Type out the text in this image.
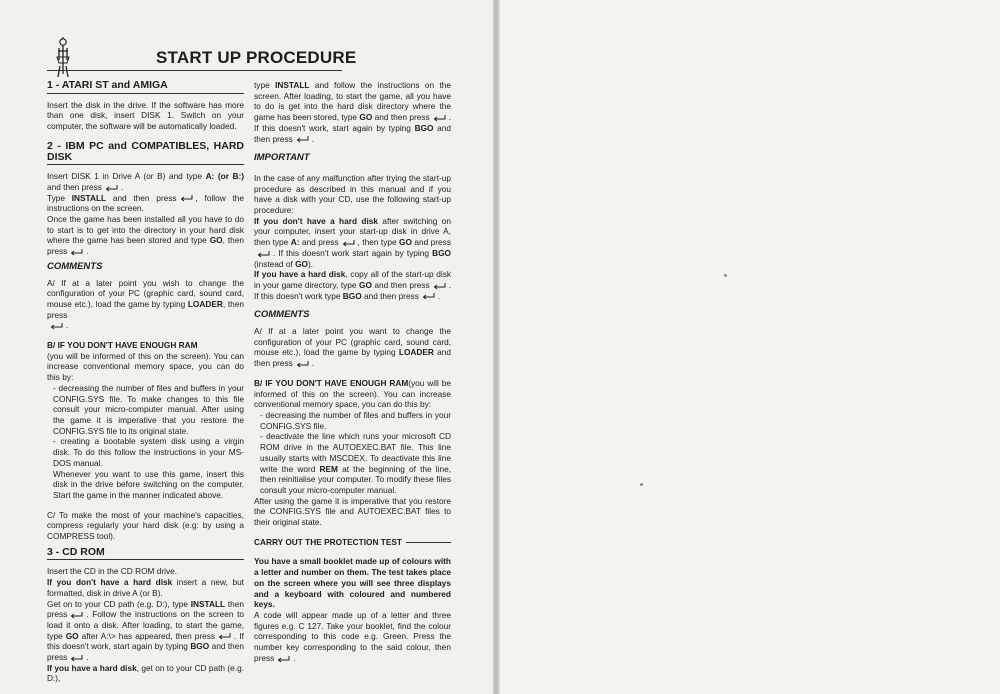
START UP PROCEDURE

1 - ATARI ST and AMIGA

Insert the disk in the drive. If the software has more than one disk, insert DISK 1. Switch on your computer, the software will be automatically loaded.

2 - IBM PC and COMPATIBLES, HARD DISK

Insert DISK 1 in Drive A (or B) and type A: (or B:) and then press .

Type INSTALL and then press , follow the instructions on the screen.

Once the game has been installed all you have to do to start is to get into the directory in your hard disk where the game has been stored and type GO, then press .

COMMENTS

A/ If at a later point you wish to change the configuration of your PC (graphic card, sound card, mouse etc.), load the game by typing LOADER, then press

.

B/ IF YOU DON'T HAVE ENOUGH RAM

(you will be informed of this on the screen). You can increase conventional memory space, you can do this by:

- decreasing the number of files and buffers in your CONFIG.SYS file. To make changes to this file consult your micro-computer manual. After using the game it is imperative that you restore the CONFIG.SYS file to its original state.

- creating a bootable system disk using a virgin disk. To do this follow the instructions in your MS-DOS manual.

Whenever you want to use this game, insert this disk in the drive before switching on the computer. Start the game in the manner indicated above.

C/ To make the most of your machine's capacities, compress regularly your hard disk (e.g: by using a COMPRESS tool).

3 - CD ROM

Insert the CD in the CD ROM drive.

If you don't have a hard disk insert a new, but formatted, disk in drive A (or B).

Get on to your CD path (e.g. D:), type INSTALL then press . Follow the instructions on the screen to load it onto a disk. After loading, to start the game, type GO after A:\> has appeared, then press . If this doesn't work, start again by typing BGO and then press .

If you have a hard disk, get on to your CD path (e.g. D:),

type INSTALL and follow the instructions on the screen. After loading, to start the game, all you have to do is get into the hard disk directory where the game has been stored, type GO and then press . If this doesn't work, start again by typing BGO and then press .

IMPORTANT

In the case of any malfunction after trying the start-up procedure as described in this manual and if you have a disk with your CD, use the following start-up procedure:

If you don't have a hard disk after switching on your computer, insert your start-up disk in drive A, then type A: and press , then type GO and press
. If this doesn't work start again by typing BGO (instead of GO).

If you have a hard disk, copy all of the start-up disk in your game directory, type GO and then press . If this doesn't work type BGO and then press .

COMMENTS

A/ If at a later point you want to change the configuration of your PC (graphic card, sound card, mouse etc.), load the game by typing LOADER and then press .

B/ IF YOU DON'T HAVE ENOUGH RAM(you will be informed of this on the screen). You can increase conventional memory space, you can do this by:

- decreasing the number of files and buffers in your CONFIG.SYS file.

- deactivate the line which runs your microsoft CD ROM drive in the AUTOEXEC.BAT file. This line usually starts with MSCDEX. To deactivate this line write the word REM at the beginning of the line, then reinitialise your computer. To modify these files consult your micro-computer manual.

After using the game it is imperative that you restore the CONFIG.SYS file and AUTOEXEC.BAT files to their original state.

CARRY OUT THE PROTECTION TEST

You have a small booklet made up of colours with a letter and number on them. The test takes place on the screen where you will see three displays and a keyboard with coloured and numbered keys.

A code will appear made up of a letter and three figures e.g. C 127. Take your booklet, find the colour corresponding to this code e.g. Green. Press the number key corresponding to the said colour, then press .
